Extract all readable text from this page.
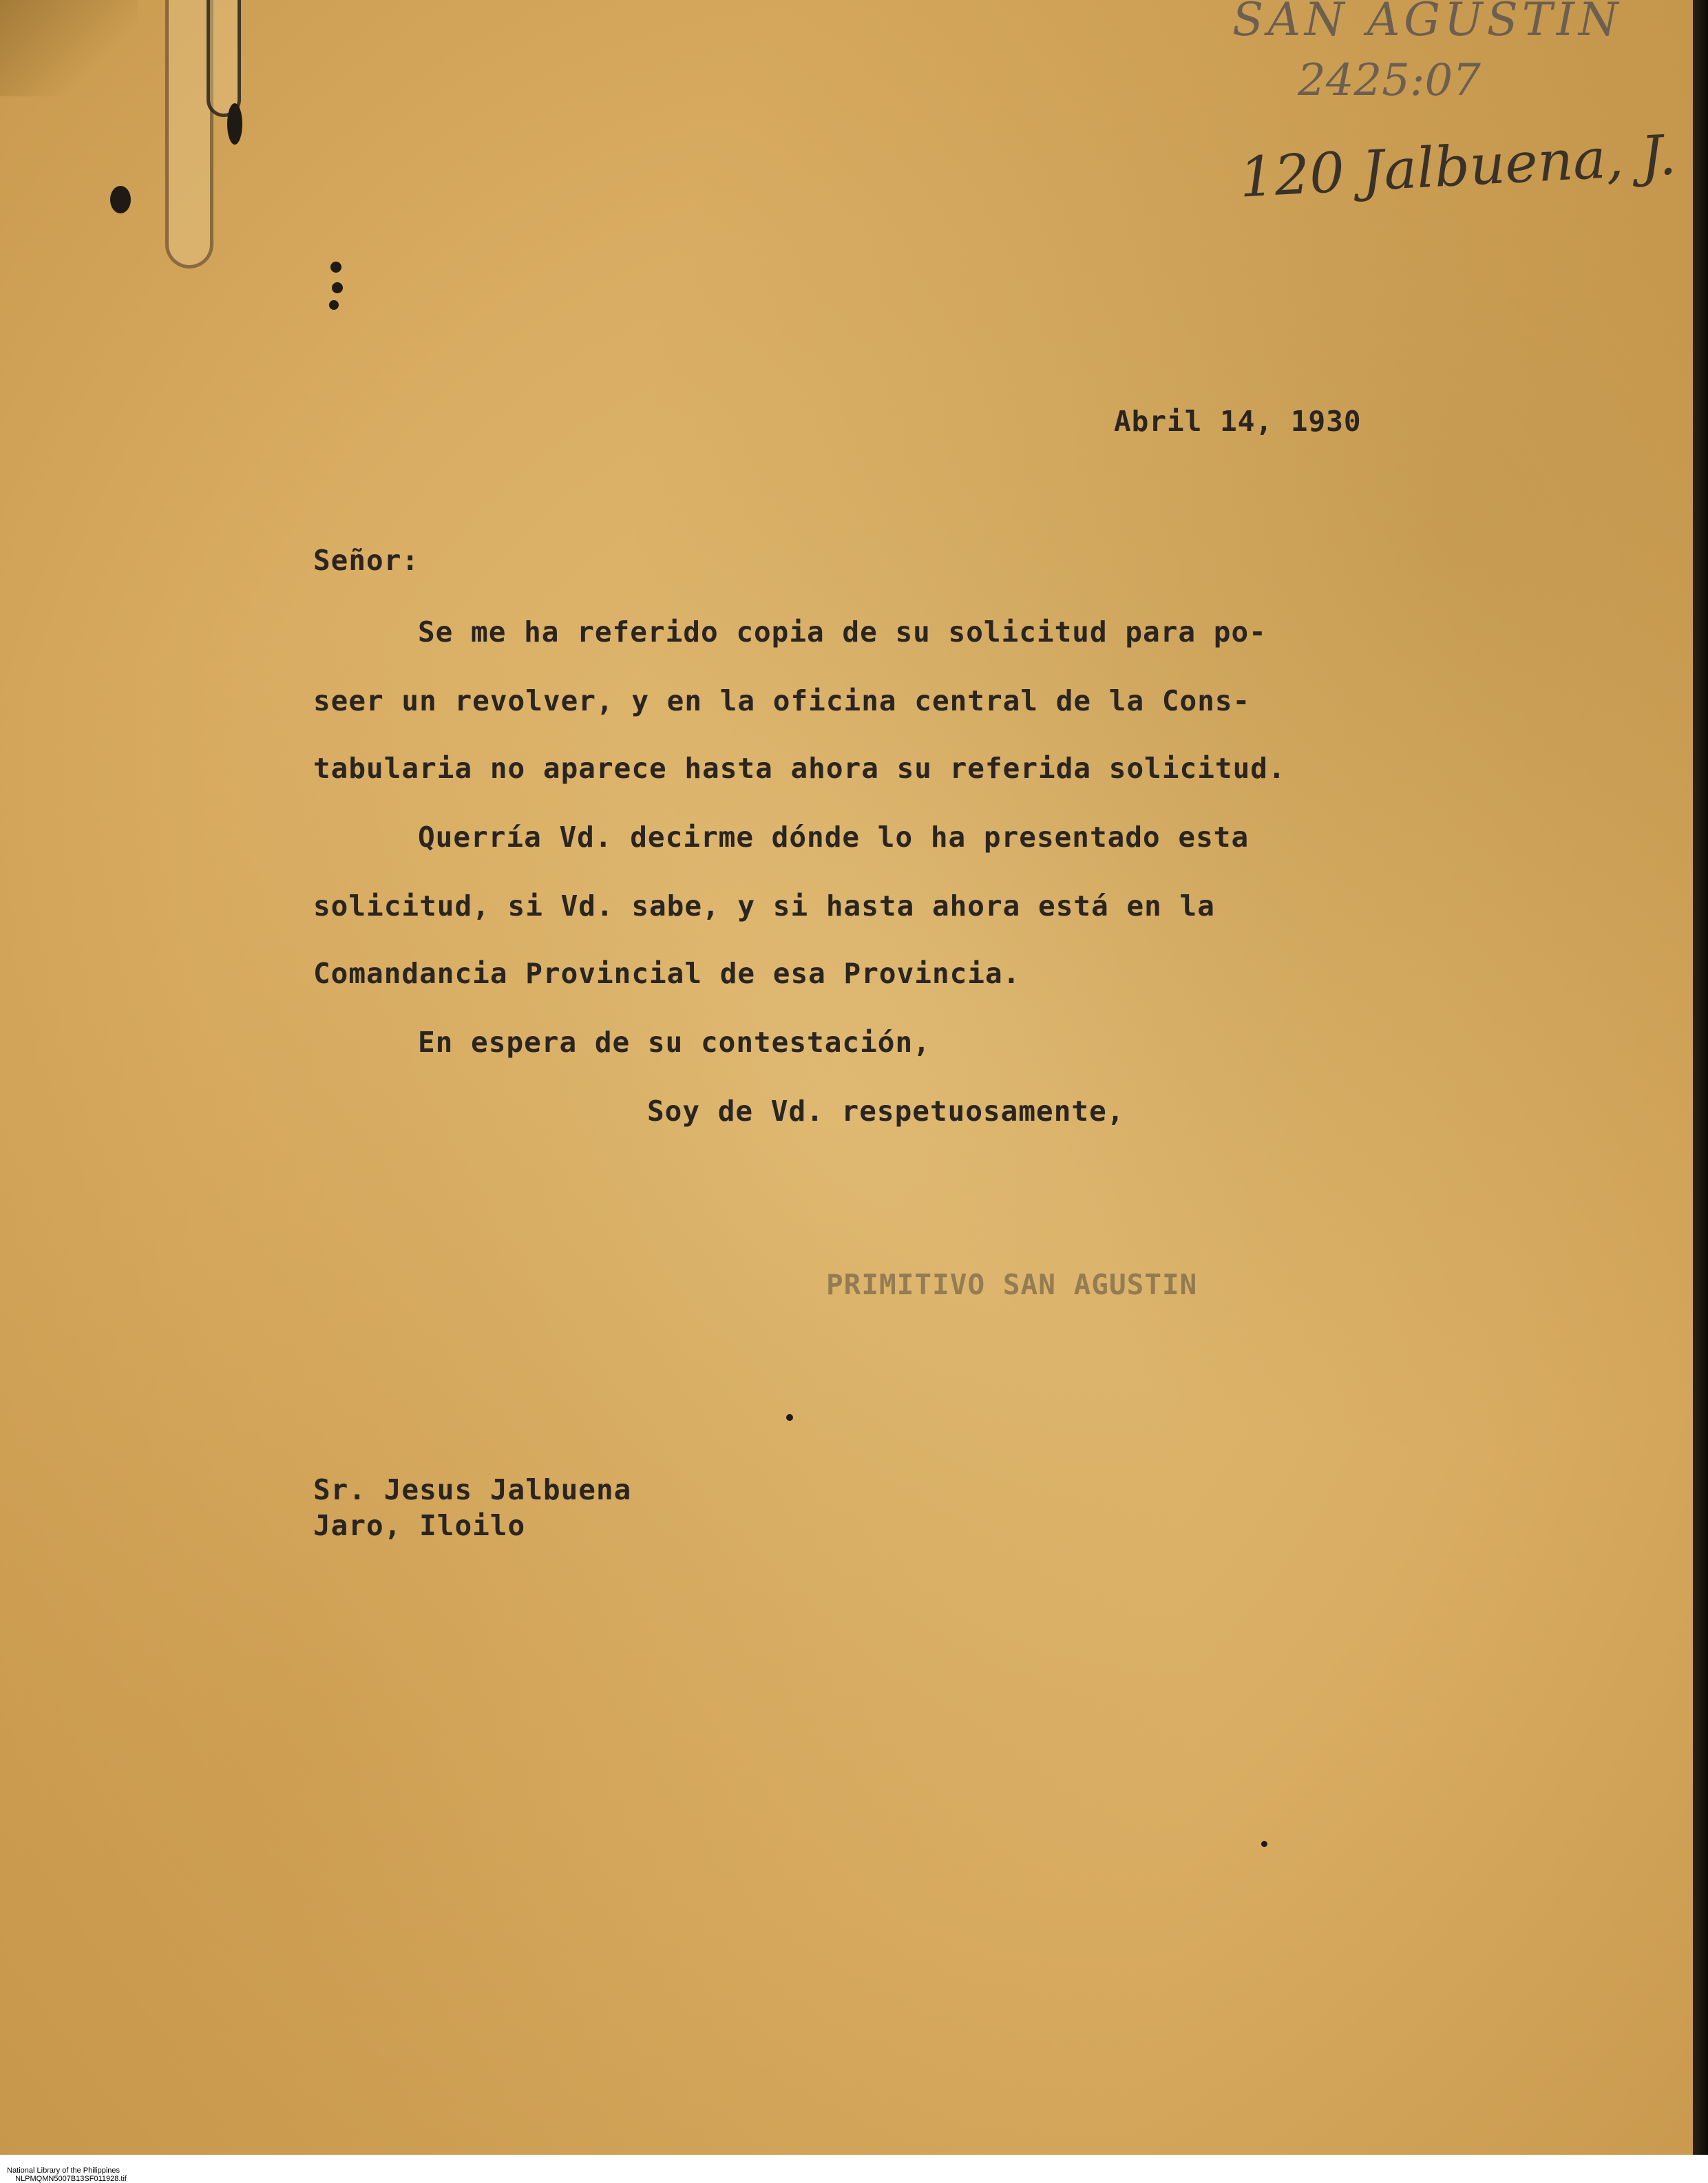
SAN AGUSTIN
2425:07
120 Jalbuena, J.
Abril 14, 1930
Señor:
Se me ha referido copia de su solicitud para po-
seer un revolver, y en la oficina central de la Cons-
tabularia no aparece hasta ahora su referida solicitud.
Querría Vd. decirme dónde lo ha presentado esta
solicitud, si Vd. sabe, y si hasta ahora está en la
Comandancia Provincial de esa Provincia.
En espera de su contestación,
Soy de Vd. respetuosamente,
PRIMITIVO SAN AGUSTIN
Sr. Jesus Jalbuena
Jaro, Iloilo

National Library of the Philippines
NLPMQMN5007B13SF011928.tif
